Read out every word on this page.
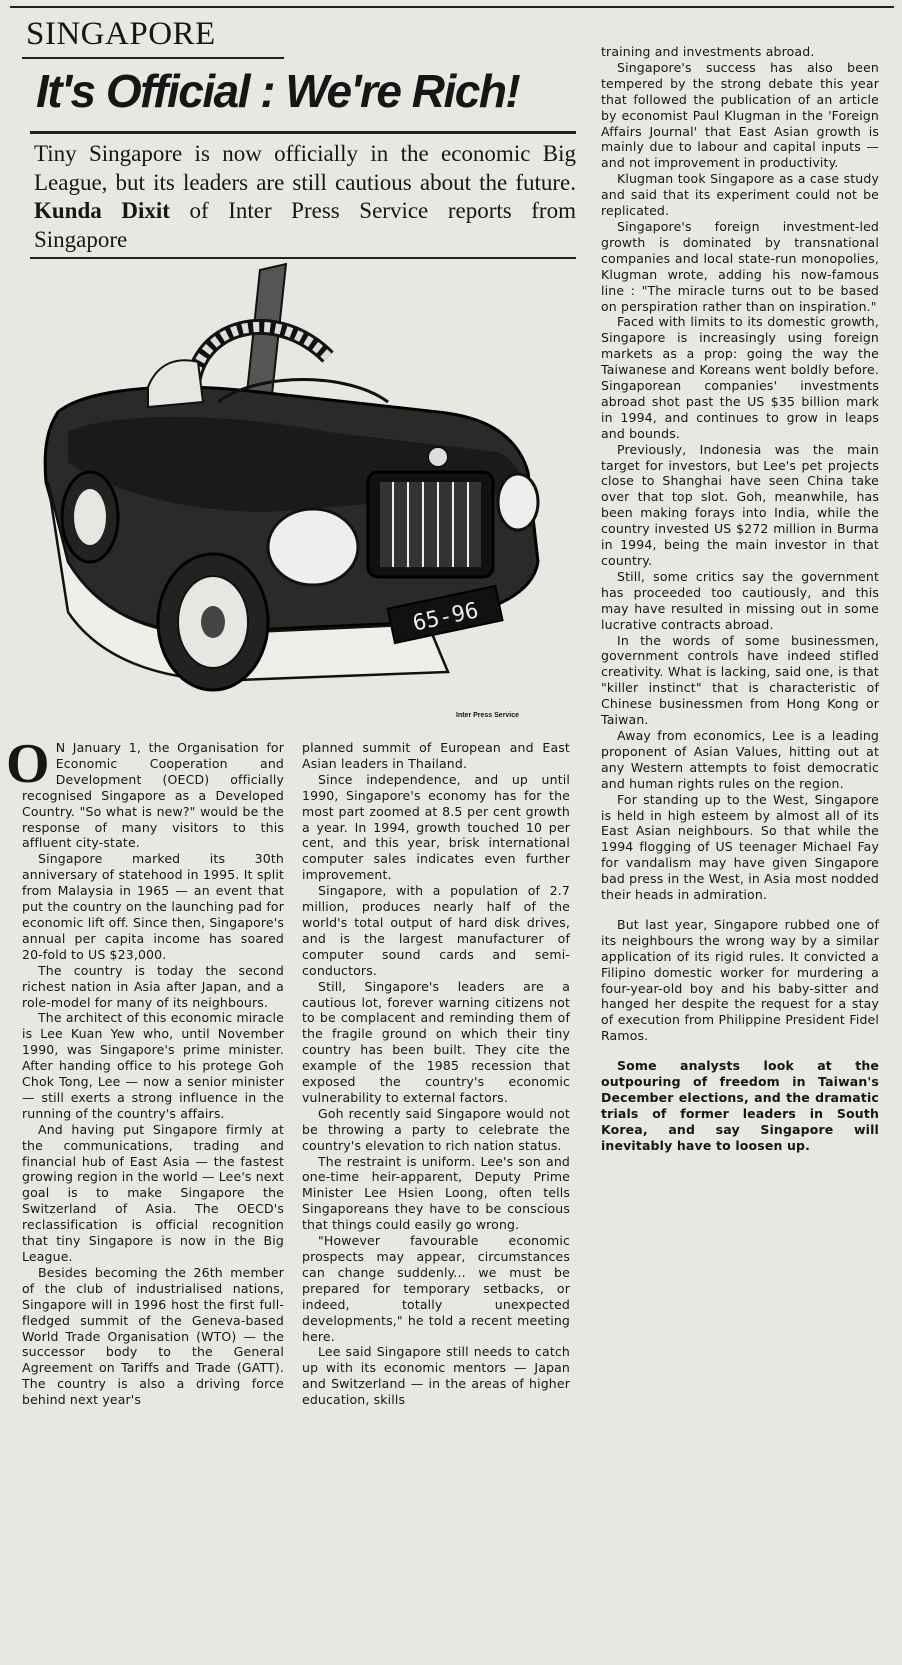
SINGAPORE
It's Official : We're Rich!
Tiny Singapore is now officially in the economic Big League, but its leaders are still cautious about the future. Kunda Dixit of Inter Press Service reports from Singapore
65-96
Inter Press Service

O N January 1, the Organisation for Economic Cooperation and Development (OECD) officially recognised Singapore as a Developed Country. "So what is new?" would be the response of many visitors to this affluent city-state.

Singapore marked its 30th anniversary of statehood in 1995. It split from Malaysia in 1965 — an event that put the country on the launching pad for economic lift off. Since then, Singapore's annual per capita income has soared 20-fold to US $23,000.

The country is today the second richest nation in Asia after Japan, and a role-model for many of its neighbours.

The architect of this economic miracle is Lee Kuan Yew who, until November 1990, was Singapore's prime minister. After handing office to his protege Goh Chok Tong, Lee — now a senior minister — still exerts a strong influence in the running of the country's affairs.

And having put Singapore firmly at the communications, trading and financial hub of East Asia — the fastest growing region in the world — Lee's next goal is to make Singapore the Switzerland of Asia. The OECD's reclassification is official recognition that tiny Singapore is now in the Big League.

Besides becoming the 26th member of the club of industrialised nations, Singapore will in 1996 host the first full-fledged summit of the Geneva-based World Trade Organisation (WTO) — the successor body to the General Agreement on Tariffs and Trade (GATT). The country is also a driving force behind next year's

planned summit of European and East Asian leaders in Thailand.

Since independence, and up until 1990, Singapore's economy has for the most part zoomed at 8.5 per cent growth a year. In 1994, growth touched 10 per cent, and this year, brisk international computer sales indicates even further improvement.

Singapore, with a population of 2.7 million, produces nearly half of the world's total output of hard disk drives, and is the largest manufacturer of computer sound cards and semi-conductors.

Still, Singapore's leaders are a cautious lot, forever warning citizens not to be complacent and reminding them of the fragile ground on which their tiny country has been built. They cite the example of the 1985 recession that exposed the country's economic vulnerability to external factors.

Goh recently said Singapore would not be throwing a party to celebrate the country's elevation to rich nation status.

The restraint is uniform. Lee's son and one-time heir-apparent, Deputy Prime Minister Lee Hsien Loong, often tells Singaporeans they have to be conscious that things could easily go wrong.

"However favourable economic prospects may appear, circumstances can change suddenly... we must be prepared for temporary setbacks, or indeed, totally unexpected developments," he told a recent meeting here.

Lee said Singapore still needs to catch up with its economic mentors — Japan and Switzerland — in the areas of higher education, skills

training and investments abroad.

Singapore's success has also been tempered by the strong debate this year that followed the publication of an article by economist Paul Klugman in the 'Foreign Affairs Journal' that East Asian growth is mainly due to labour and capital inputs — and not improvement in productivity.

Klugman took Singapore as a case study and said that its experiment could not be replicated.

Singapore's foreign investment-led growth is dominated by transnational companies and local state-run monopolies, Klugman wrote, adding his now-famous line : "The miracle turns out to be based on perspiration rather than on inspiration."

Faced with limits to its domestic growth, Singapore is increasingly using foreign markets as a prop: going the way the Taiwanese and Koreans went boldly before. Singaporean companies' investments abroad shot past the US $35 billion mark in 1994, and continues to grow in leaps and bounds.

Previously, Indonesia was the main target for investors, but Lee's pet projects close to Shanghai have seen China take over that top slot. Goh, meanwhile, has been making forays into India, while the country invested US $272 million in Burma in 1994, being the main investor in that country.

Still, some critics say the government has proceeded too cautiously, and this may have resulted in missing out in some lucrative contracts abroad.

In the words of some businessmen, government controls have indeed stifled creativity. What is lacking, said one, is that "killer instinct" that is characteristic of Chinese businessmen from Hong Kong or Taiwan.

Away from economics, Lee is a leading proponent of Asian Values, hitting out at any Western attempts to foist democratic and human rights rules on the region.

For standing up to the West, Singapore is held in high esteem by almost all of its East Asian neighbours. So that while the 1994 flogging of US teenager Michael Fay for vandalism may have given Singapore bad press in the West, in Asia most nodded their heads in admiration.

But last year, Singapore rubbed one of its neighbours the wrong way by a similar application of its rigid rules. It convicted a Filipino domestic worker for murdering a four-year-old boy and his baby-sitter and hanged her despite the request for a stay of execution from Philippine President Fidel Ramos.

Some analysts look at the outpouring of freedom in Taiwan's December elections, and the dramatic trials of former leaders in South Korea, and say Singapore will inevitably have to loosen up.
